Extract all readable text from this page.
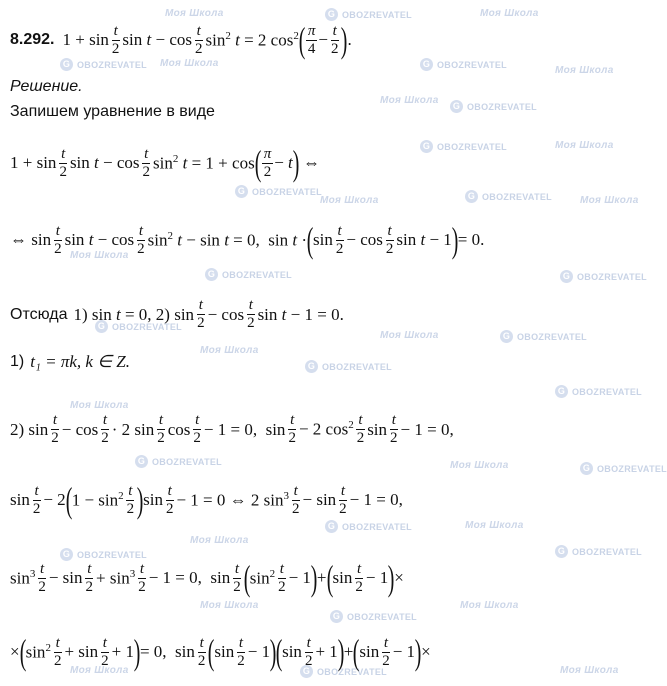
Моя Школа	G OBOZREVATEL	Моя Школа
G OBOZREVATEL Моя Школа	G OBOZREVATEL
Моя Школа
Моя Школа	G OBOZREVATEL
G OBOZREVATEL	Моя Школа
G OBOZREVATEL
Моя Школа	G OBOZREVATEL	Моя Школа
Моя Школа
G OBOZREVATEL	G OBOZREVATEL
G OBOZREVATEL
Моя Школа	G OBOZREVATEL
Моя Школа
G OBOZREVATEL
G OBOZREVATEL
Моя Школа
G OBOZREVATEL	Моя Школа	G OBOZREVATEL
G OBOZREVATEL	Моя Школа
Моя Школа
G OBOZREVATEL	G OBOZREVATEL
Моя Школа
G OBOZREVATEL
Моя Школа
Моя Школа	G OBOZREVATEL	Моя Школа
8.292. $1 + \sin \frac{t}{2}$ $\sin t - \cos \frac{t}{2} \sin^2 t = 2$ $\cos^2$ ( $\frac{\pi}{4} - \frac{t}{2}$ ) .
Решение.
Запишем уравнение в виде
$1 + \sin \frac{t}{2}$ $\sin t - \cos \frac{t}{2} \sin^2 t = 1 + \cos$ ( $\frac{\pi}{2} - t$ ) ⇔
⇔ $\sin \frac{t}{2}$ $\sin t - \cos \frac{t}{2} \sin^2 t - \sin t = 0$,  sin t · ( $\sin \frac{t}{2} - \cos \frac{t}{2}$ sin t − 1 ) = 0.
Отсюда 1) sin t = 0, 2) $\sin \frac{t}{2} - \cos \frac{t}{2}$ sin t − 1 = 0.
1) t₁ = πk, k ∈ Z.
2) $\sin \frac{t}{2} - \cos \frac{t}{2} \cdot 2$ $\sin \frac{t}{2}$ $\cos \frac{t}{2} - 1 = 0$,  $\sin \frac{t}{2} - 2$ $\cos^2 \frac{t}{2}$ $\sin \frac{t}{2} - 1 = 0$,
$\sin \frac{t}{2} - 2$ ( $1 - \sin^2 \frac{t}{2}$ ) $\sin \frac{t}{2} - 1 = 0$ ⇔ 2 $\sin^3 \frac{t}{2} - \sin \frac{t}{2} - 1 = 0$,
$\sin^3 \frac{t}{2} - \sin \frac{t}{2} + \sin^3 \frac{t}{2} - 1 = 0$,  $\sin \frac{t}{2}$ ( $\sin^2 \frac{t}{2} - 1$ ) + ( $\sin \frac{t}{2} - 1$ ) ×
× ( $\sin^2 \frac{t}{2} + \sin \frac{t}{2} + 1$ ) = 0,  $\sin \frac{t}{2}$ ( $\sin \frac{t}{2} - 1$ ) ( $\sin \frac{t}{2} + 1$ ) + ( $\sin \frac{t}{2} - 1$ ) ×
